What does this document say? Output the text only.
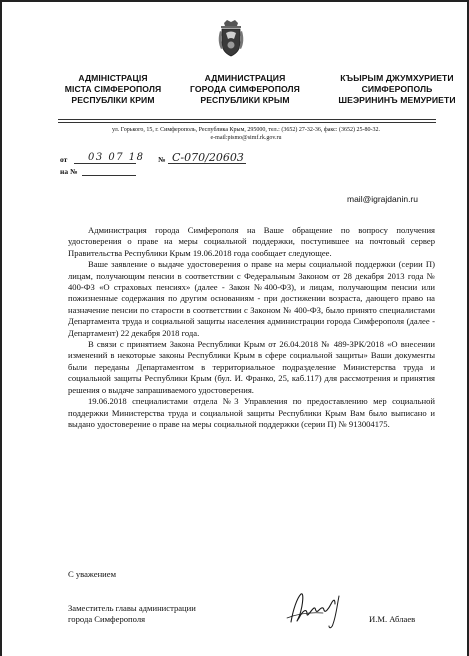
АДМІНІСТРАЦІЯ
МІСТА СІМФЕРОПОЛЯ
РЕСПУБЛІКИ КРИМ
АДМИНИСТРАЦИЯ
ГОРОДА СИМФЕРОПОЛЯ
РЕСПУБЛИКИ КРЫМ
КЪЫРЫМ ДЖУМХУРИЕТИ
СИМФЕРОПОЛЬ
ШЕЭРИНИНЪ МЕМУРИЕТИ
ул. Горького, 15, г. Симферополь, Республика Крым, 295000, тел.: (3652) 27-32-36, факс: (3652) 25-80-32.
e-mail:pismo@simf.rk.gov.ru
от 03 07 18 № С-070/20603
на №
mail@igrajdanin.ru

Администрация города Симферополя на Ваше обращение по вопросу получения удостоверения о праве на меры социальной поддержки, поступившее на почтовый сервер Правительства Республики Крым 19.06.2018 года сообщает следующее.

Ваше заявление о выдаче удостоверения о праве на меры социальной поддержки (серии П) лицам, получающим пенсии в соответствии с Федеральным Законом от 28 декабря 2013 года № 400-ФЗ «О страховых пенсиях» (далее - Закон №400-ФЗ), и лицам, получающим пенсии или пожизненные содержания по другим основаниям - при достижении возраста, дающего право на назначение пенсии по старости в соответствии с Законом № 400-ФЗ, было принято специалистами Департамента труда и социальной защиты населения администрации города Симферополя (далее - Департамент) 22 декабря 2018 года.

В связи с принятием Закона Республики Крым от 26.04.2018 № 489-ЗРК/2018 «О внесении изменений в некоторые законы Республики Крым в сфере социальной защиты» Ваши документы были переданы Департаментом в территориальное подразделение Министерства труда и социальной защиты Республики Крым (бул. И. Франко, 25, каб.117) для рассмотрения и принятия решения о выдаче запрашиваемого удостоверения.

19.06.2018 специалистами отдела №3 Управления по предоставлению мер социальной поддержки Министерства труда и социальной защиты Республики Крым Вам было выписано и выдано удостоверение о праве на меры социальной поддержки (серии П) № 913004175.

С уважением
Заместитель главы администрации
города Симферополя	И.М. Аблаев
